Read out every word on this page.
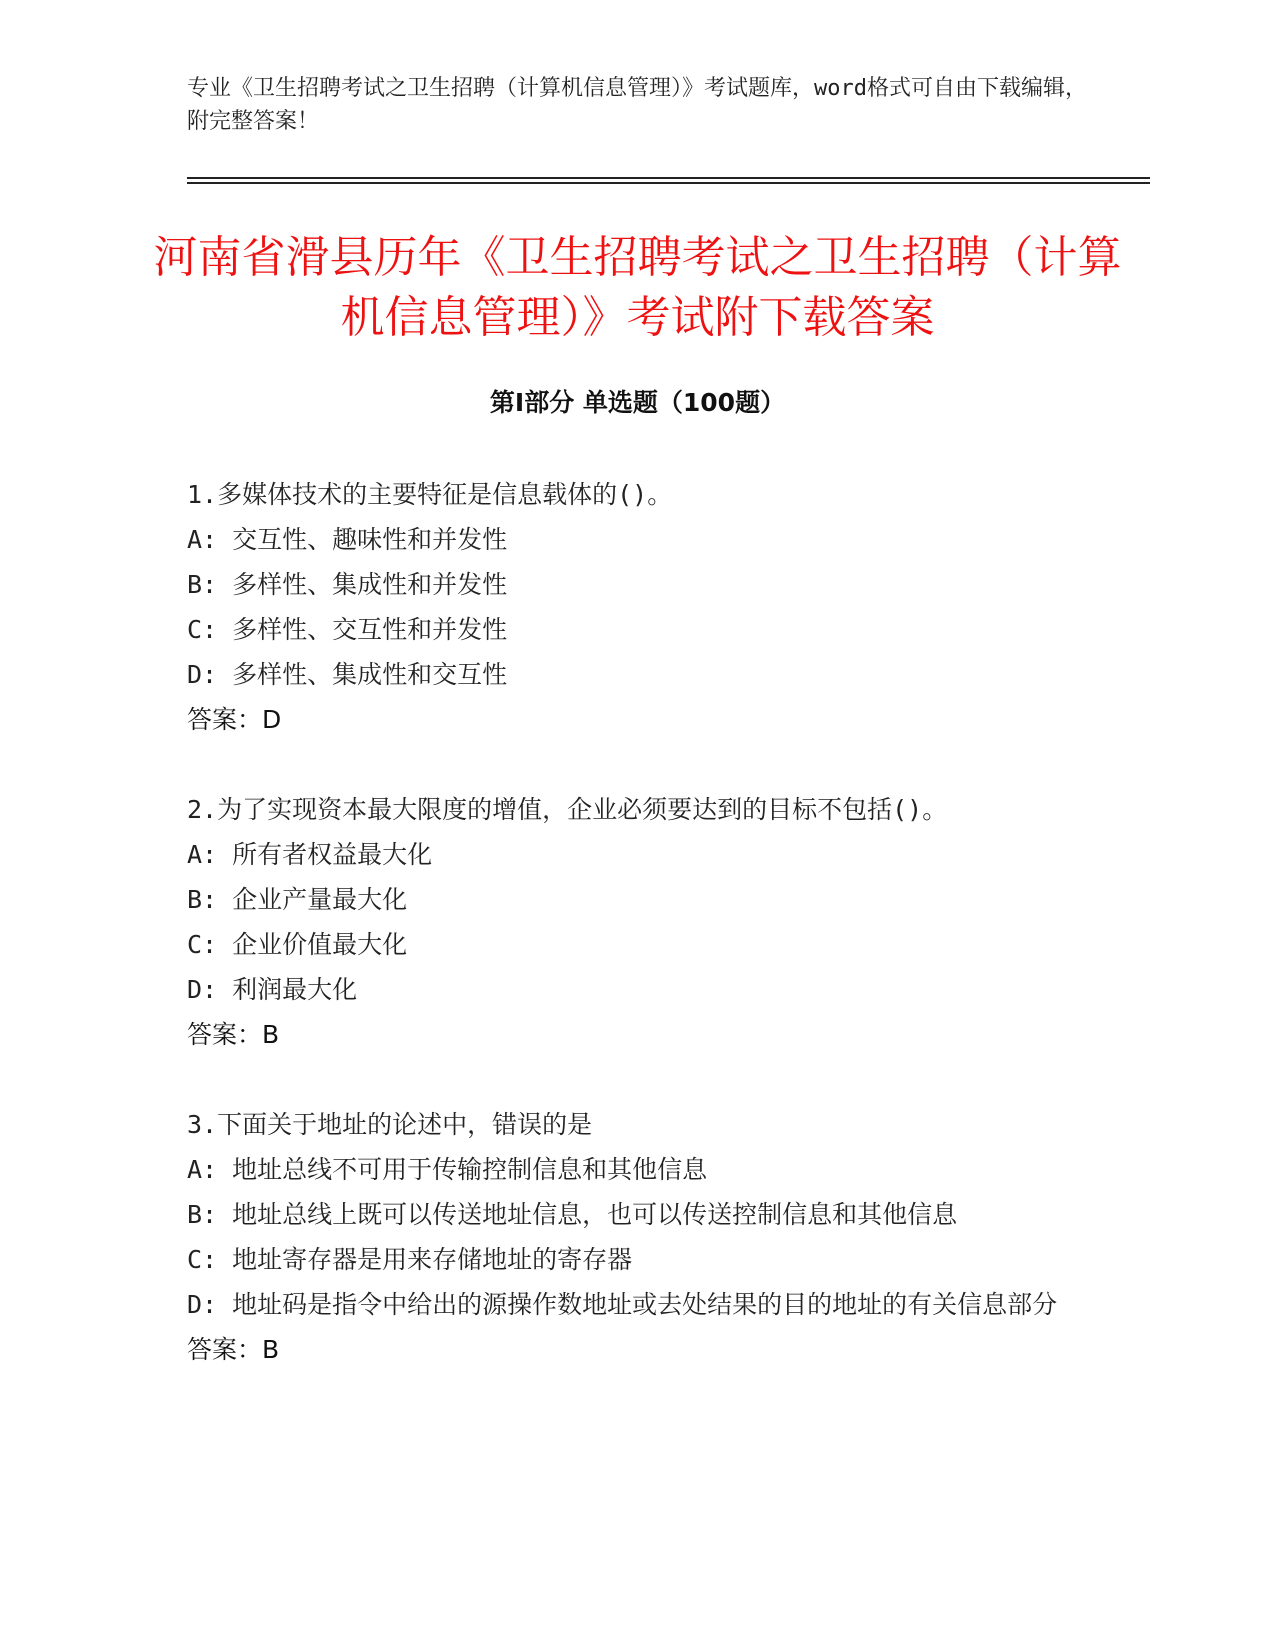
专业《卫生招聘考试之卫生招聘（计算机信息管理）》考试题库，word格式可自由下载编辑，附完整答案！
河南省滑县历年《卫生招聘考试之卫生招聘（计算机信息管理）》考试附下载答案
第Ⅰ部分 单选题（100题）
1.多媒体技术的主要特征是信息载体的()。
A: 交互性、趣味性和并发性
B: 多样性、集成性和并发性
C: 多样性、交互性和并发性
D: 多样性、集成性和交互性
答案：D
2.为了实现资本最大限度的增值，企业必须要达到的目标不包括()。
A: 所有者权益最大化
B: 企业产量最大化
C: 企业价值最大化
D: 利润最大化
答案：B
3.下面关于地址的论述中，错误的是
A: 地址总线不可用于传输控制信息和其他信息
B: 地址总线上既可以传送地址信息，也可以传送控制信息和其他信息
C: 地址寄存器是用来存储地址的寄存器
D: 地址码是指令中给出的源操作数地址或去处结果的目的地址的有关信息部分
答案：B
